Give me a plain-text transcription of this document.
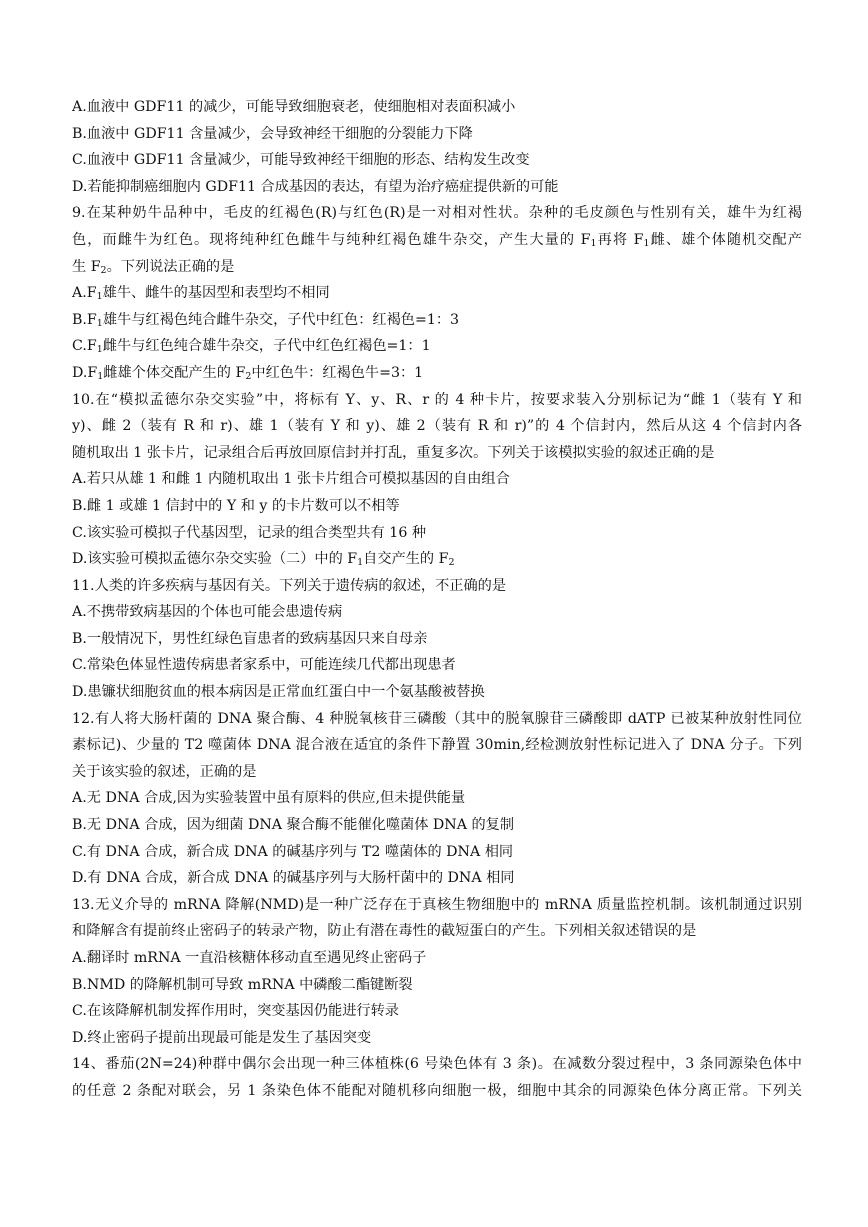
A.血液中 GDF11 的减少，可能导致细胞衰老，使细胞相对表面积减小
B.血液中 GDF11 含量减少，会导致神经干细胞的分裂能力下降
C.血液中 GDF11 含量减少，可能导致神经干细胞的形态、结构发生改变
D.若能抑制癌细胞内 GDF11 合成基因的表达，有望为治疗癌症提供新的可能
9.在某种奶牛品种中，毛皮的红褐色(R)与红色(R)是一对相对性状。杂种的毛皮颜色与性别有关，雄牛为红褐
色，而雌牛为红色。现将纯种红色雌牛与纯种红褐色雄牛杂交，产生大量的 $F_1$再将 $F_1$雌、雄个体随机交配产
生 $F_2$。下列说法正确的是
$A.F_1$雄牛、雌牛的基因型和表型均不相同
$B.F_1$雄牛与红褐色纯合雌牛杂交，子代中红色：红褐色=1：3
$C.F_1$雌牛与红色纯合雄牛杂交，子代中红色红褐色=1：1
$D.F_1$雌雄个体交配产生的 $F_2$中红色牛：红褐色牛=3：1
10.在“模拟孟德尔杂交实验”中，将标有 Y、y、R、r 的 4 种卡片，按要求装入分别标记为“雌 1（装有 Y 和
y)、雌 2（装有 R 和 r)、雄 1（装有 Y 和 y)、雄 2（装有 R 和 r)”的 4 个信封内，然后从这 4 个信封内各
随机取出 1 张卡片，记录组合后再放回原信封并打乱，重复多次。下列关于该模拟实验的叙述正确的是
A.若只从雄 1 和雌 1 内随机取出 1 张卡片组合可模拟基因的自由组合
B.雌 1 或雄 1 信封中的 Y 和 y 的卡片数可以不相等
C.该实验可模拟子代基因型，记录的组合类型共有 16 种
D.该实验可模拟孟德尔杂交实验（二）中的 $F_1$自交产生的 $F_2$
11.人类的许多疾病与基因有关。下列关于遗传病的叙述，不正确的是
A.不携带致病基因的个体也可能会患遗传病
B.一般情况下，男性红绿色盲患者的致病基因只来自母亲
C.常染色体显性遗传病患者家系中，可能连续几代都出现患者
D.患镰状细胞贫血的根本病因是正常血红蛋白中一个氨基酸被替换
12.有人将大肠杆菌的 DNA 聚合酶、4 种脱氧核苷三磷酸（其中的脱氧腺苷三磷酸即 dATP 已被某种放射性同位
素标记)、少量的 T2 噬菌体 DNA 混合液在适宜的条件下静置 30min,经检测放射性标记进入了 DNA 分子。下列
关于该实验的叙述，正确的是
A.无 DNA 合成,因为实验装置中虽有原料的供应,但未提供能量
B.无 DNA 合成，因为细菌 DNA 聚合酶不能催化噬菌体 DNA 的复制
C.有 DNA 合成，新合成 DNA 的碱基序列与 T2 噬菌体的 DNA 相同
D.有 DNA 合成，新合成 DNA 的碱基序列与大肠杆菌中的 DNA 相同
13.无义介导的 mRNA 降解(NMD)是一种广泛存在于真核生物细胞中的 mRNA 质量监控机制。该机制通过识别
和降解含有提前终止密码子的转录产物，防止有潜在毒性的截短蛋白的产生。下列相关叙述错误的是
A.翻译时 mRNA 一直沿核糖体移动直至遇见终止密码子
B.NMD 的降解机制可导致 mRNA 中磷酸二酯键断裂
C.在该降解机制发挥作用时，突变基因仍能进行转录
D.终止密码子提前出现最可能是发生了基因突变
14、番茄(2N=24)种群中偶尔会出现一种三体植株(6 号染色体有 3 条)。在减数分裂过程中，3 条同源染色体中
的任意 2 条配对联会，另 1 条染色体不能配对随机移向细胞一极，细胞中其余的同源染色体分离正常。下列关
